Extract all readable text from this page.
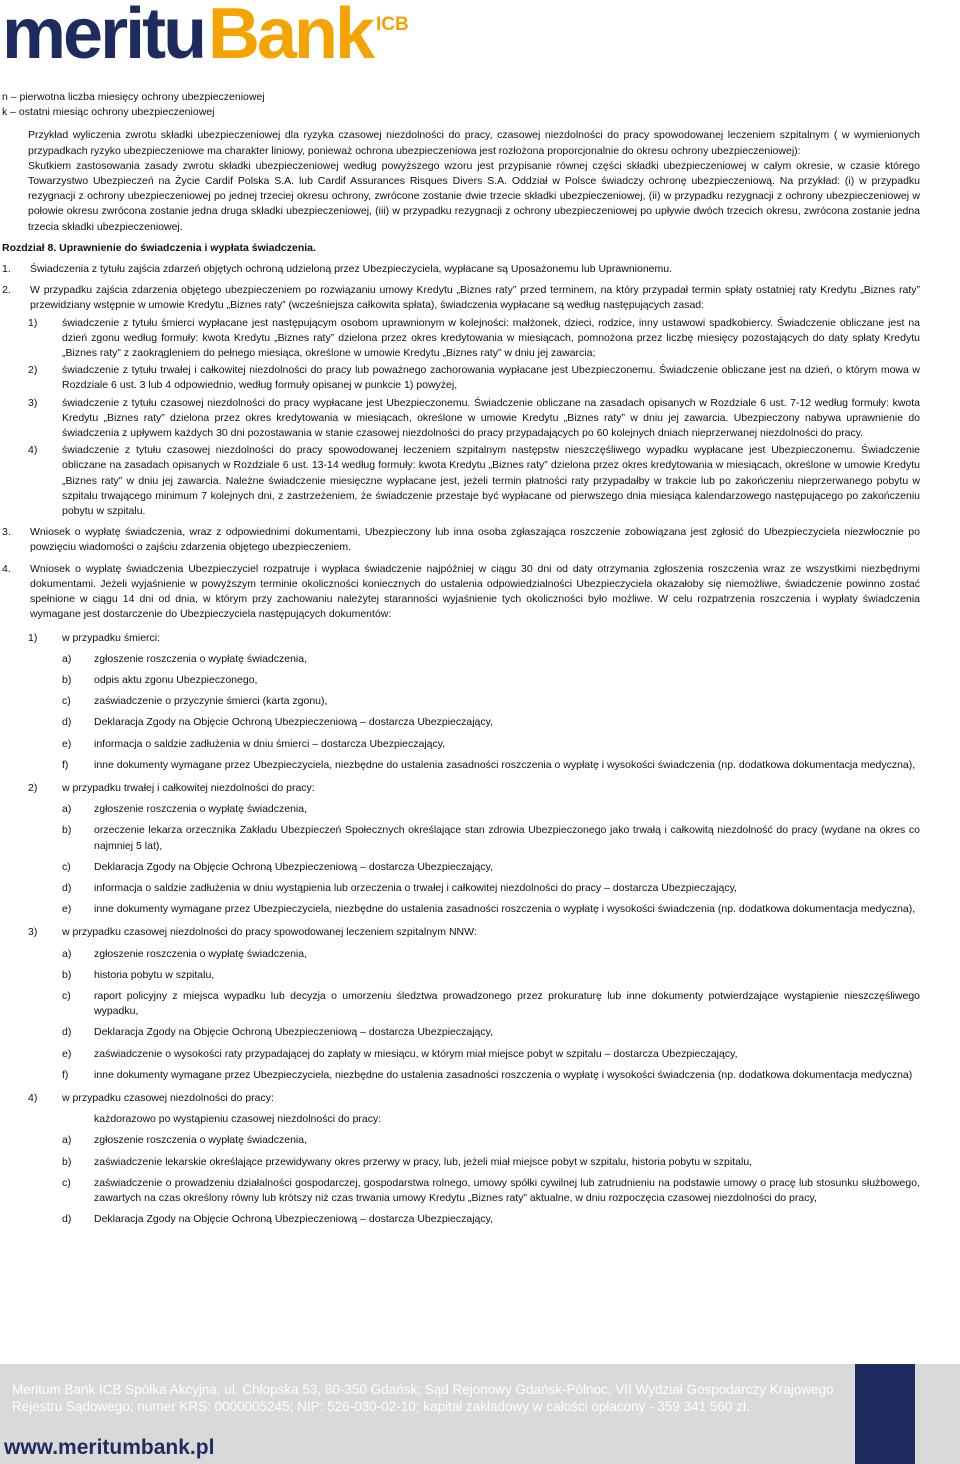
meritu Bank ICB

n – pierwotna liczba miesięcy ochrony ubezpieczeniowej

k – ostatni miesiąc ochrony ubezpieczeniowej

Przykład wyliczenia zwrotu składki ubezpieczeniowej dla ryzyka czasowej niezdolności do pracy, czasowej niezdolności do pracy spowodowanej leczeniem szpitalnym ( w wymienionych przypadkach ryzyko ubezpieczeniowe ma charakter liniowy, ponieważ ochrona ubezpieczeniowa jest rozłożona proporcjonalnie do okresu ochrony ubezpieczeniowej):

Skutkiem zastosowania zasady zwrotu składki ubezpieczeniowej według powyższego wzoru jest przypisanie równej części składki ubezpieczeniowej w całym okresie, w czasie którego Towarzystwo Ubezpieczeń na Życie Cardif Polska S.A. lub Cardif Assurances Risques Divers S.A. Oddział w Polsce świadczy ochronę ubezpieczeniową. Na przykład: (i) w przypadku rezygnacji z ochrony ubezpieczeniowej po jednej trzeciej okresu ochrony, zwrócone zostanie dwie trzecie składki ubezpieczeniowej, (ii) w przypadku rezygnacji z ochrony ubezpieczeniowej w połowie okresu zwrócona zostanie jedna druga składki ubezpieczeniowej, (iii) w przypadku rezygnacji z ochrony ubezpieczeniowej po upływie dwóch trzecich okresu, zwrócona zostanie jedna trzecia składki ubezpieczeniowej.

Rozdział 8. Uprawnienie do świadczenia i wypłata świadczenia.

1.	Świadczenia z tytułu zajścia zdarzeń objętych ochroną udzieloną przez Ubezpieczyciela, wypłacane są Uposażonemu lub Uprawnionemu.
2.	W przypadku zajścia zdarzenia objętego ubezpieczeniem po rozwiązaniu umowy Kredytu „Biznes raty” przed terminem, na który przypadał termin spłaty ostatniej raty Kredytu „Biznes raty” przewidziany wstępnie w umowie Kredytu „Biznes raty” (wcześniejsza całkowita spłata), świadczenia wypłacane są według następujących zasad:
1)	świadczenie z tytułu śmierci wypłacane jest następującym osobom uprawnionym w kolejności: małżonek, dzieci, rodzice, inny ustawowi spadkobiercy. Świadczenie obliczane jest na dzień zgonu według formuły: kwota Kredytu „Biznes raty” dzielona przez okres kredytowania w miesiącach, pomnożona przez liczbę miesięcy pozostających do daty spłaty Kredytu „Biznes raty” z zaokrągleniem do pełnego miesiąca, określone w umowie Kredytu „Biznes raty” w dniu jej zawarcia;
2)	świadczenie z tytułu trwałej i całkowitej niezdolności do pracy lub poważnego zachorowania wypłacane jest Ubezpieczonemu. Świadczenie obliczane jest na dzień, o którym mowa w Rozdziale 6 ust. 3 lub 4 odpowiednio, według formuły opisanej w punkcie 1) powyżej,
3)	świadczenie z tytułu czasowej niezdolności do pracy wypłacane jest Ubezpieczonemu. Świadczenie obliczane na zasadach opisanych w Rozdziale 6 ust. 7-12 według formuły: kwota Kredytu „Biznes raty” dzielona przez okres kredytowania w miesiącach, określone w umowie Kredytu „Biznes raty” w dniu jej zawarcia. Ubezpieczony nabywa uprawnienie do świadczenia z upływem każdych 30 dni pozostawania w stanie czasowej niezdolności do pracy przypadających po 60 kolejnych dniach nieprzerwanej niezdolności do pracy.
4)	świadczenie z tytułu czasowej niezdolności do pracy spowodowanej leczeniem szpitalnym następstw nieszczęśliwego wypadku wypłacane jest Ubezpieczonemu. Świadczenie obliczane na zasadach opisanych w Rozdziale 6 ust. 13-14 według formuły: kwota Kredytu „Biznes raty” dzielona przez okres kredytowania w miesiącach, określone w umowie Kredytu „Biznes raty” w dniu jej zawarcia. Należne świadczenie miesięczne wypłacane jest, jeżeli termin płatności raty przypadałby w trakcie lub po zakończeniu nieprzerwanego pobytu w szpitalu trwającego minimum 7 kolejnych dni, z zastrzeżeniem, że świadczenie przestaje być wypłacane od pierwszego dnia miesiąca kalendarzowego następującego po zakończeniu pobytu w szpitalu.
3.	Wniosek o wypłatę świadczenia, wraz z odpowiednimi dokumentami, Ubezpieczony lub inna osoba zgłaszająca roszczenie zobowiązana jest zgłosić do Ubezpieczyciela niezwłocznie po powzięciu wiadomości o zajściu zdarzenia objętego ubezpieczeniem.
4.	Wniosek o wypłatę świadczenia Ubezpieczyciel rozpatruje i wypłaca świadczenie najpóźniej w ciągu 30 dni od daty otrzymania zgłoszenia roszczenia wraz ze wszystkimi niezbędnymi dokumentami. Jeżeli wyjaśnienie w powyższym terminie okoliczności koniecznych do ustalenia odpowiedzialności Ubezpieczyciela okazałoby się niemożliwe, świadczenie powinno zostać spełnione w ciągu 14 dni od dnia, w którym przy zachowaniu należytej staranności wyjaśnienie tych okoliczności było możliwe. W celu rozpatrzenia roszczenia i wypłaty świadczenia wymagane jest dostarczenie do Ubezpieczyciela następujących dokumentów:
1)	w przypadku śmierci:
a)	zgłoszenie roszczenia o wypłatę świadczenia,
b)	odpis aktu zgonu Ubezpieczonego,
c)	zaświadczenie o przyczynie śmierci (karta zgonu),
d)	Deklaracja Zgody na Objęcie Ochroną Ubezpieczeniową – dostarcza Ubezpieczający,
e)	informacja o saldzie zadłużenia w dniu śmierci – dostarcza Ubezpieczający,
f)	inne dokumenty wymagane przez Ubezpieczyciela, niezbędne do ustalenia zasadności roszczenia o wypłatę i wysokości świadczenia (np. dodatkowa dokumentacja medyczna),
2)	w przypadku trwałej i całkowitej niezdolności do pracy:
a)	zgłoszenie roszczenia o wypłatę świadczenia,
b)	orzeczenie lekarza orzecznika Zakładu Ubezpieczeń Społecznych określające stan zdrowia Ubezpieczonego jako trwałą i całkowitą niezdolność do pracy (wydane na okres co najmniej 5 lat),
c)	Deklaracja Zgody na Objęcie Ochroną Ubezpieczeniową – dostarcza Ubezpieczający,
d)	informacja o saldzie zadłużenia w dniu wystąpienia lub orzeczenia o trwałej i całkowitej niezdolności do pracy – dostarcza Ubezpieczający,
e)	inne dokumenty wymagane przez Ubezpieczyciela, niezbędne do ustalenia zasadności roszczenia o wypłatę i wysokości świadczenia (np. dodatkowa dokumentacja medyczna),
3)	w przypadku czasowej niezdolności do pracy spowodowanej leczeniem szpitalnym NNW:
a)	zgłoszenie roszczenia o wypłatę świadczenia,
b)	historia pobytu w szpitalu,
c)	raport policyjny z miejsca wypadku lub decyzja o umorzeniu śledztwa prowadzonego przez prokuraturę lub inne dokumenty potwierdzające wystąpienie nieszczęśliwego wypadku,
d)	Deklaracja Zgody na Objęcie Ochroną Ubezpieczeniową – dostarcza Ubezpieczający,
e)	zaświadczenie o wysokości raty przypadającej do zapłaty w miesiącu, w którym miał miejsce pobyt w szpitalu – dostarcza Ubezpieczający,
f)	inne dokumenty wymagane przez Ubezpieczyciela, niezbędne do ustalenia zasadności roszczenia o wypłatę i wysokości świadczenia (np. dodatkowa dokumentacja medyczna)
4)	w przypadku czasowej niezdolności do pracy:
każdorazowo po wystąpieniu czasowej niezdolności do pracy:
a)	zgłoszenie roszczenia o wypłatę świadczenia,
b)	zaświadczenie lekarskie określające przewidywany okres przerwy w pracy, lub, jeżeli miał miejsce pobyt w szpitalu, historia pobytu w szpitalu,
c)	zaświadczenie o prowadzeniu działalności gospodarczej, gospodarstwa rolnego, umowy spółki cywilnej lub zatrudnieniu na podstawie umowy o pracę lub stosunku służbowego, zawartych na czas określony równy lub krótszy niż czas trwania umowy Kredytu „Biznes raty” aktualne, w dniu rozpoczęcia czasowej niezdolności do pracy,
d)	Deklaracja Zgody na Objęcie Ochroną Ubezpieczeniową – dostarcza Ubezpieczający,
Meritum Bank ICB Spółka Akcyjna; ul. Chłopska 53, 80-350 Gdańsk; Sąd Rejonowy Gdańsk-Północ, VII Wydział Gospodarczy Krajowego
Rejestru Sądowego; numer KRS: 0000005245; NIP: 526-030-02-10; kapitał zakładowy w całości opłacony - 359 341 560 zł.
www.meritumbank.pl
